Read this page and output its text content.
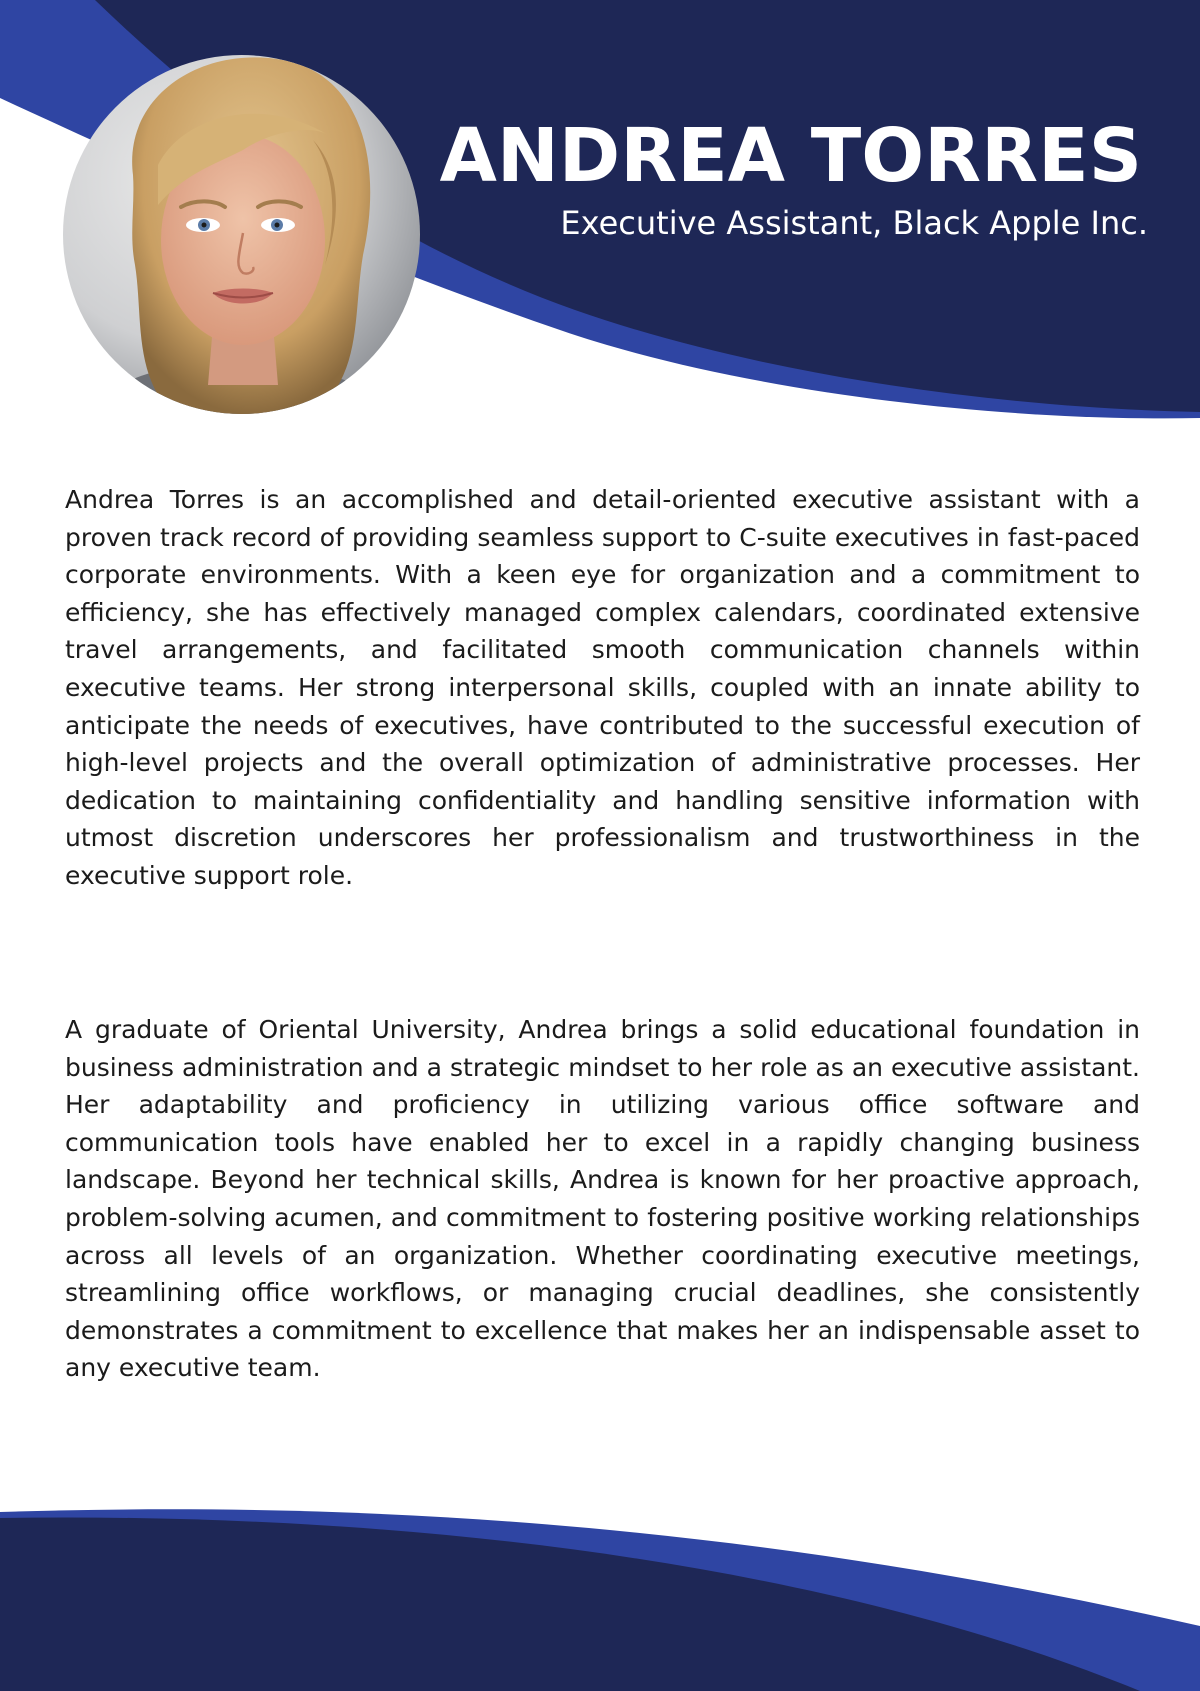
ANDREA TORRES

Executive Assistant, Black Apple Inc.

Andrea Torres is an accomplished and detail-oriented executive assistant with a proven track record of providing seamless support to C-suite executives in fast-paced corporate environments. With a keen eye for organization and a commitment to efficiency, she has effectively managed complex calendars, coordinated extensive travel arrangements, and facilitated smooth communication channels within executive teams. Her strong interpersonal skills, coupled with an innate ability to anticipate the needs of executives, have contributed to the successful execution of high-level projects and the overall optimization of administrative processes. Her dedication to maintaining confidentiality and handling sensitive information with utmost discretion underscores her professionalism and trustworthiness in the executive support role.

A graduate of Oriental University, Andrea brings a solid educational foundation in business administration and a strategic mindset to her role as an executive assistant. Her adaptability and proficiency in utilizing various office software and communication tools have enabled her to excel in a rapidly changing business landscape. Beyond her technical skills, Andrea is known for her proactive approach, problem-solving acumen, and commitment to fostering positive working relationships across all levels of an organization. Whether coordinating executive meetings, streamlining office workflows, or managing crucial deadlines, she consistently demonstrates a commitment to excellence that makes her an indispensable asset to any executive team.
